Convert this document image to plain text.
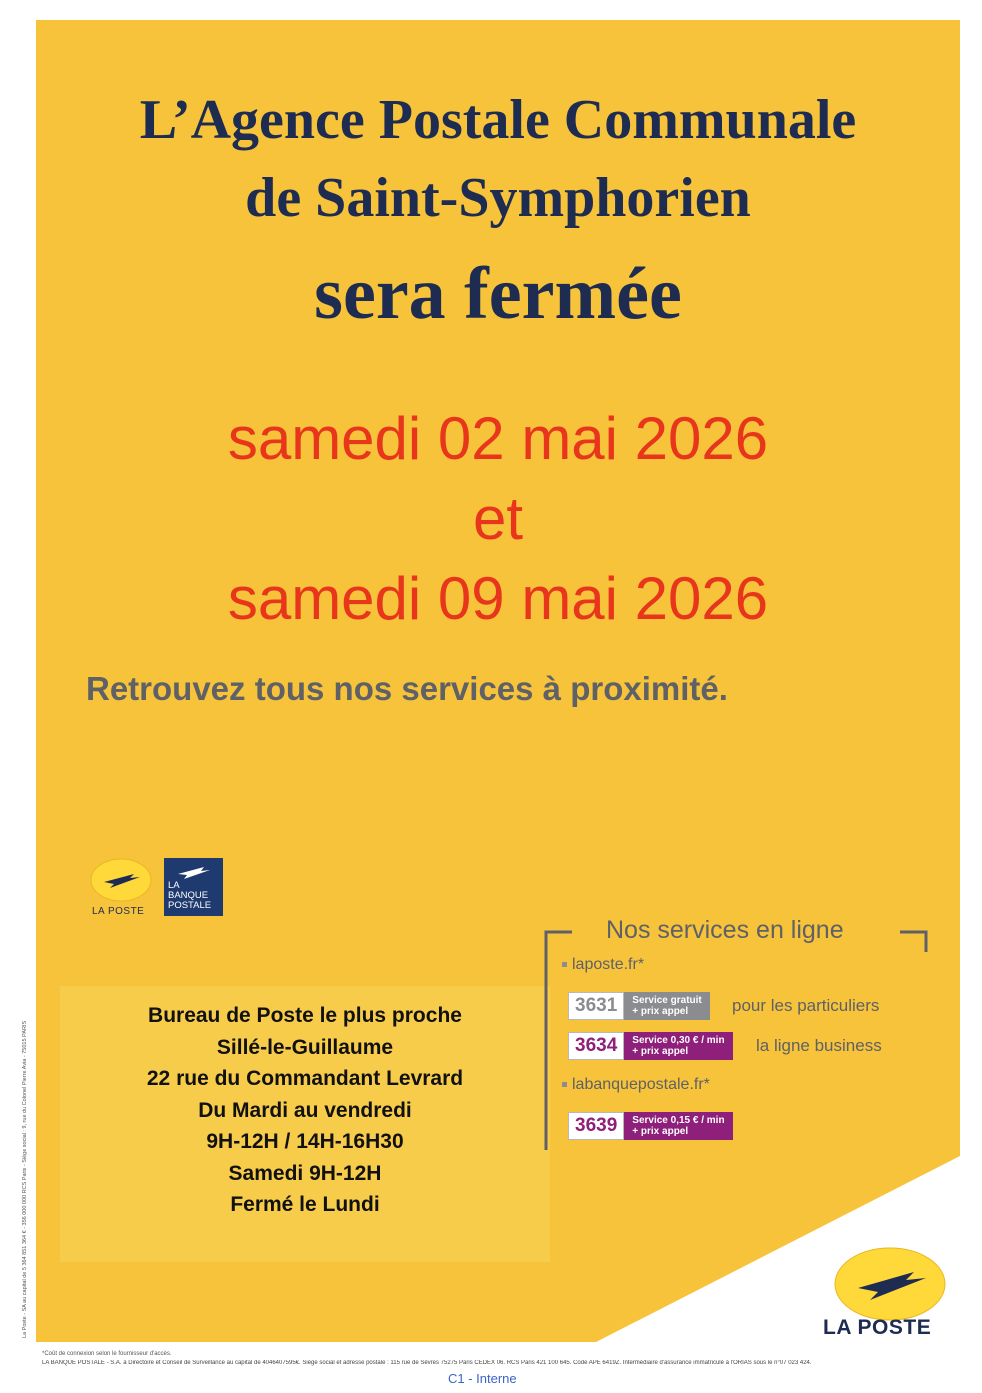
L’Agence Postale Communale
de Saint-Symphorien
sera fermée
samedi 02 mai 2026
et
samedi 09 mai 2026
Retrouvez tous nos services à proximité.
LA POSTE
LA
BANQUE
POSTALE
Bureau de Poste le plus proche
Sillé-le-Guillaume
22 rue du Commandant Levrard
Du Mardi au vendredi
9H-12H / 14H-16H30
Samedi 9H-12H
Fermé le Lundi
Nos services en ligne
laposte.fr*
3631	Service gratuit
+ prix appel	pour les particuliers
3634	Service 0,30 € / min
+ prix appel	la ligne business
labanquepostale.fr*
3639	Service 0,15 € / min
+ prix appel
LA POSTE
La Poste - SA au capital de 5 364 851 364 € - 356 000 000 RCS Paris - Siège social : 9, rue du Colonel Pierre Avia - 75015 PARIS
*Coût de connexion selon le fournisseur d'accès.
LA BANQUE POSTALE - S.A. à Directoire et Conseil de Surveillance au capital de 4046407595€. Siège social et adresse postale : 115 rue de Sèvres 75275 Paris CEDEX 06. RCS Paris 421 100 645. Code APE 6419Z. Intermédiaire d'assurance immatriculé à l'ORIAS sous le n°07 023 424.
C1 - Interne
